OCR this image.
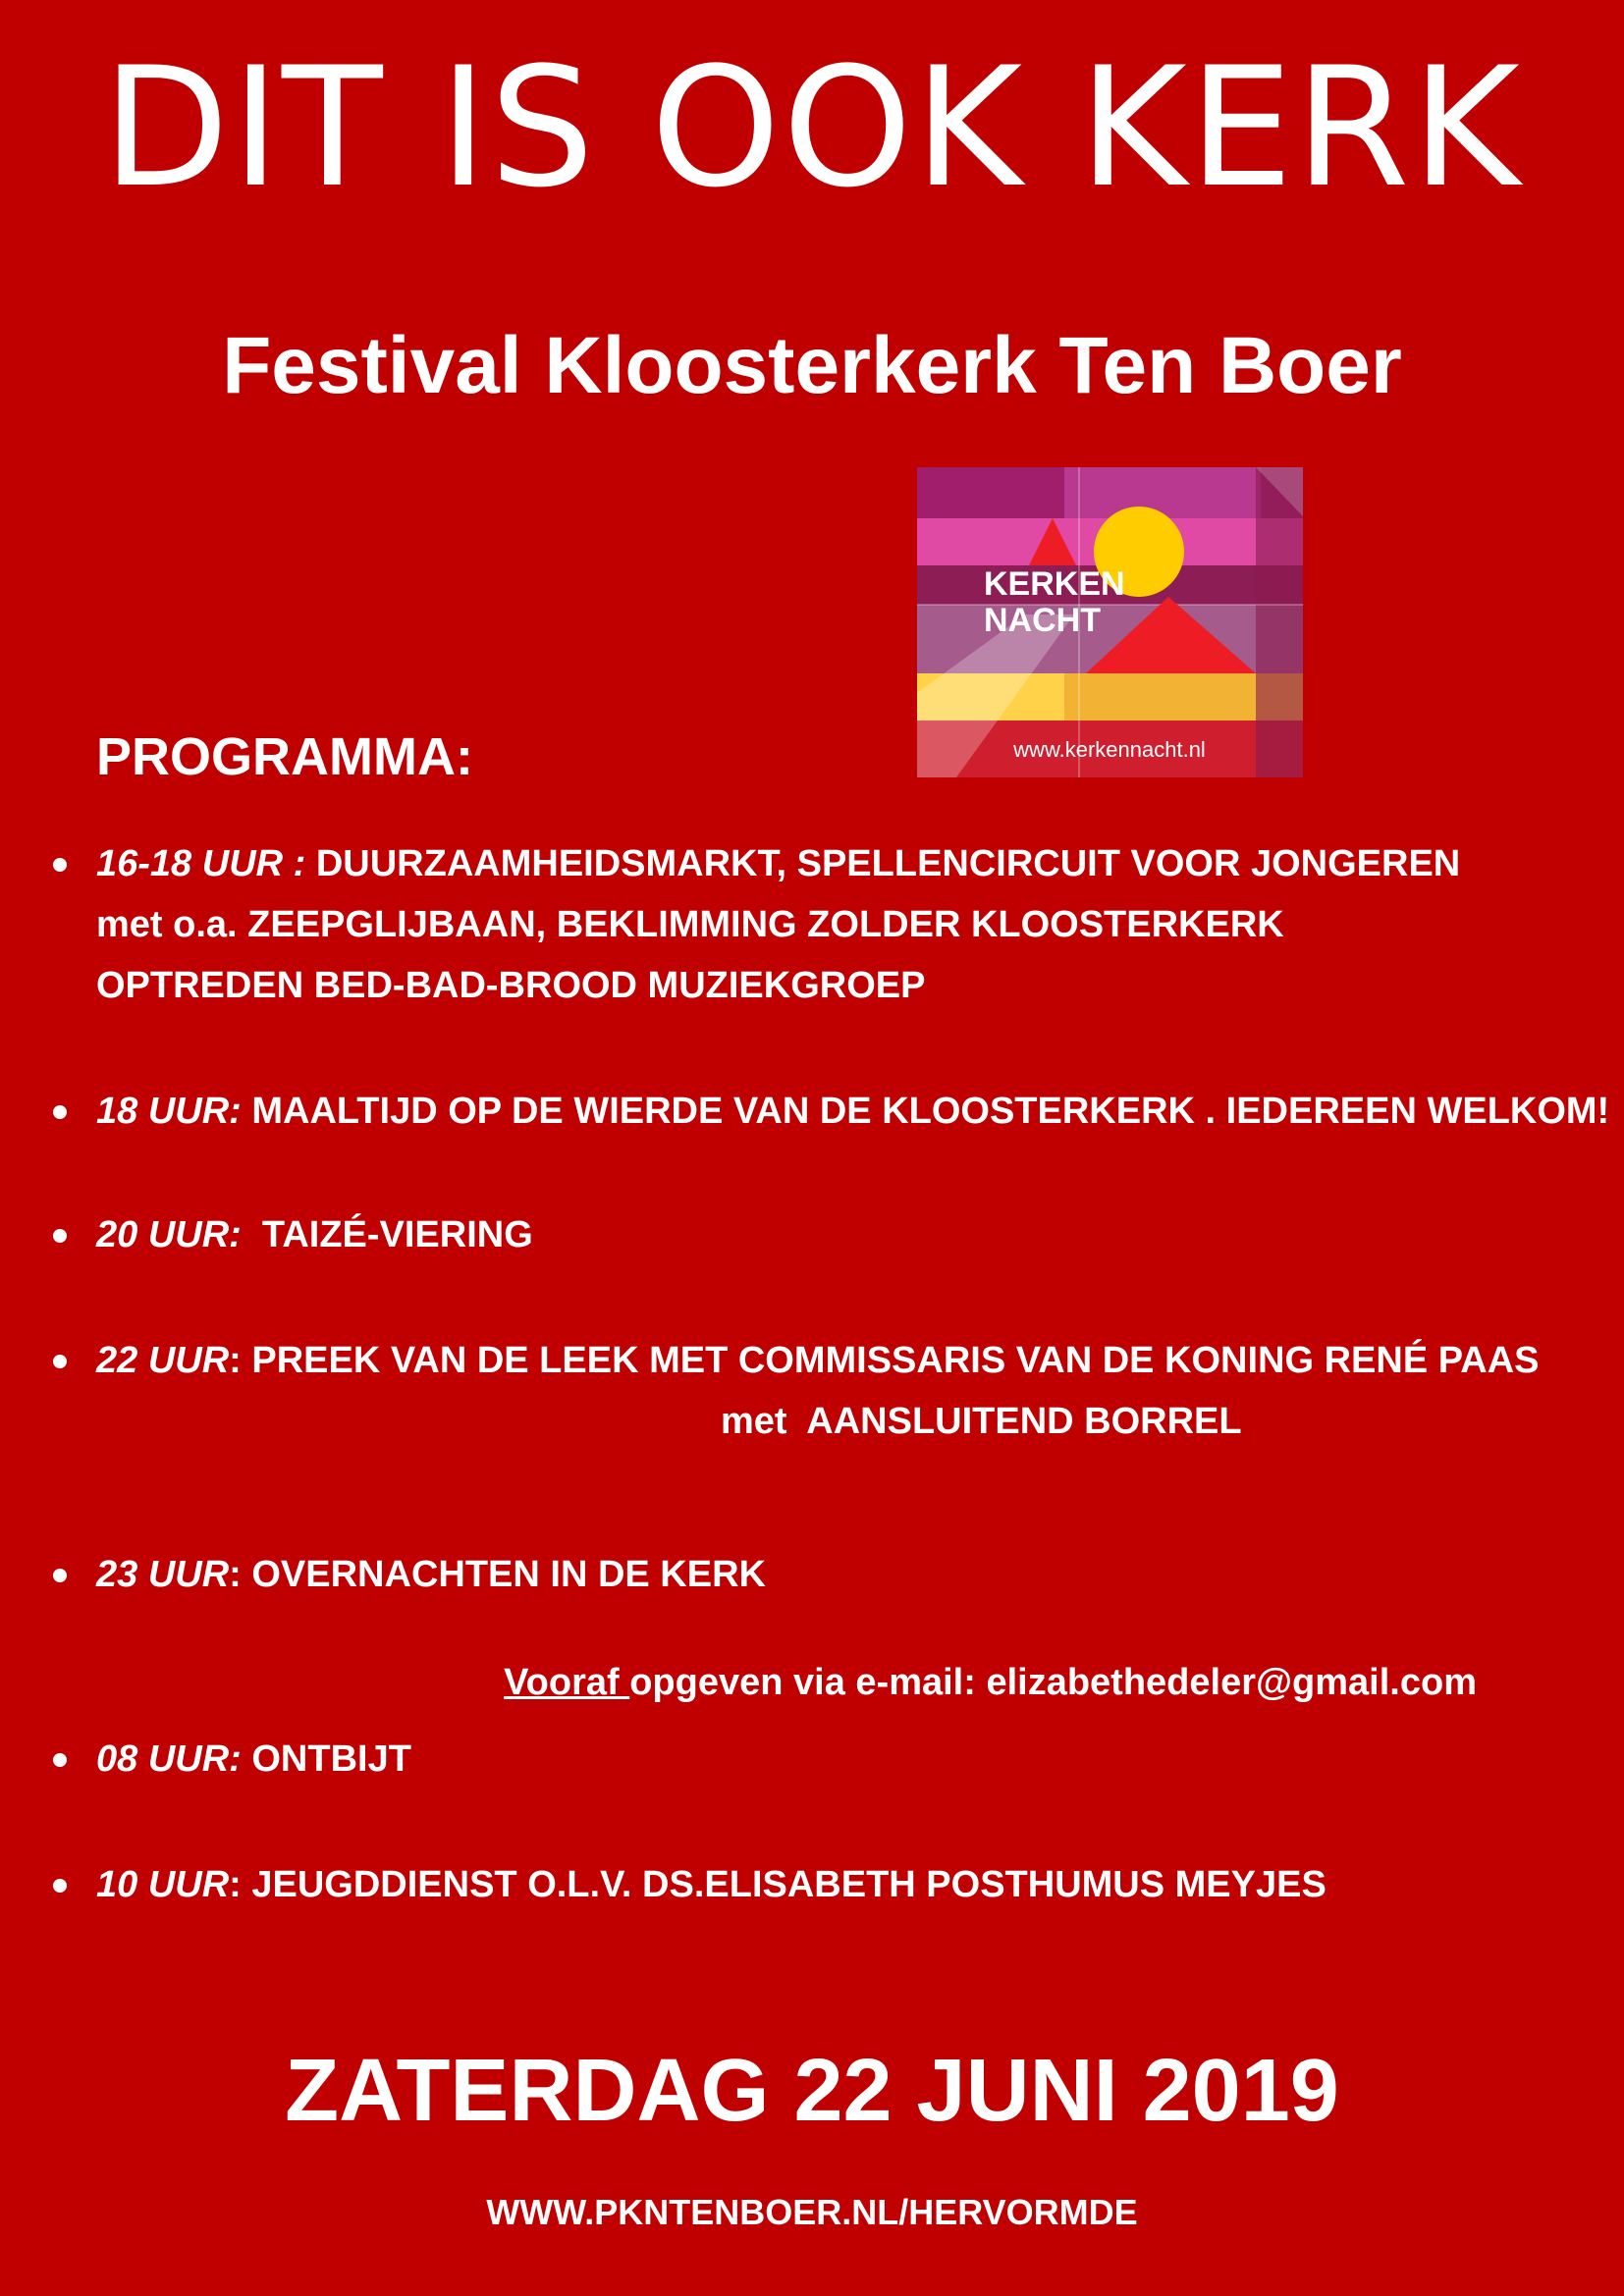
DIT IS OOK KERK
Festival Kloosterkerk Ten Boer
KERKEN
NACHT
www.kerkennacht.nl
PROGRAMMA:
16-18 UUR : DUURZAAMHEIDSMARKT, SPELLENCIRCUIT VOOR JONGEREN
met o.a. ZEEPGLIJBAAN, BEKLIMMING ZOLDER KLOOSTERKERK
OPTREDEN BED-BAD-BROOD MUZIEKGROEP
18 UUR: MAALTIJD OP DE WIERDE VAN DE KLOOSTERKERK . IEDEREEN WELKOM!
20 UUR:  TAIZÉ-VIERING
22 UUR: PREEK VAN DE LEEK MET COMMISSARIS VAN DE KONING RENÉ PAAS
met  AANSLUITEND BORREL
23 UUR: OVERNACHTEN IN DE KERK

Vooraf opgeven via e-mail: elizabethedeler@gmail.com

08 UUR: ONTBIJT
10 UUR: JEUGDDIENST O.L.V. DS.ELISABETH POSTHUMUS MEYJES
ZATERDAG 22 JUNI 2019
WWW.PKNTENBOER.NL/HERVORMDE
